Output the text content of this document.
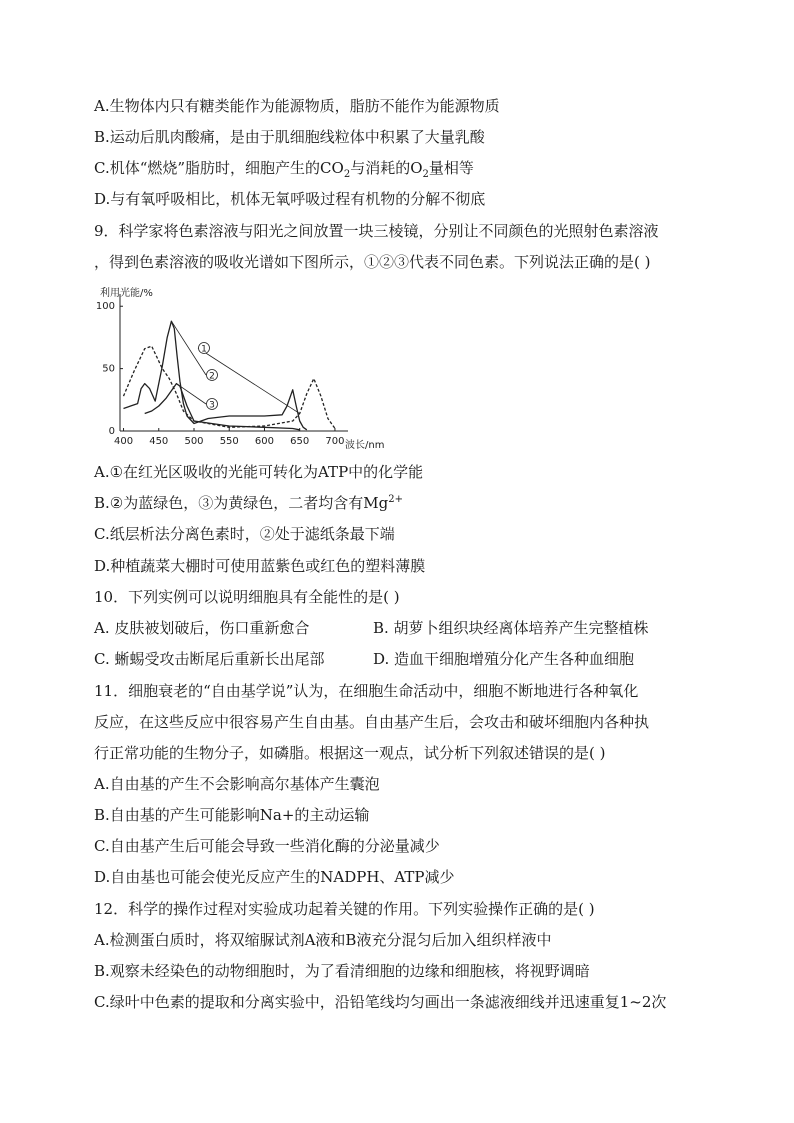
A.生物体内只有糖类能作为能源物质，脂肪不能作为能源物质
B.运动后肌肉酸痛，是由于肌细胞线粒体中积累了大量乳酸
C.机体“燃烧”脂肪时，细胞产生的$CO_2$与消耗的$O_2$量相等
D.与有氧呼吸相比，机体无氧呼吸过程有机物的分解不彻底
9．科学家将色素溶液与阳光之间放置一块三棱镜，分别让不同颜色的光照射色素溶液
，得到色素溶液的吸收光谱如下图所示，①②③代表不同色素。下列说法正确的是( )
利用光能/%
400 450 500 550 600 650 700
0
50
100
1
2
3
波长/nm
A.①在红光区吸收的光能可转化为ATP中的化学能
B.②为蓝绿色，③为黄绿色，二者均含有$Mg^{2+}$
C.纸层析法分离色素时，②处于滤纸条最下端
D.种植蔬菜大棚时可使用蓝紫色或红色的塑料薄膜
10．下列实例可以说明细胞具有全能性的是( )
A. 皮肤被划破后，伤口重新愈合	B. 胡萝卜组织块经离体培养产生完整植株
C. 蜥蜴受攻击断尾后重新长出尾部	D. 造血干细胞增殖分化产生各种血细胞
11．细胞衰老的“自由基学说”认为，在细胞生命活动中，细胞不断地进行各种氧化
反应，在这些反应中很容易产生自由基。自由基产生后，会攻击和破坏细胞内各种执
行正常功能的生物分子，如磷脂。根据这一观点，试分析下列叙述错误的是( )
A.自由基的产生不会影响高尔基体产生囊泡
B.自由基的产生可能影响Na+的主动运输
C.自由基产生后可能会导致一些消化酶的分泌量减少
D.自由基也可能会使光反应产生的NADPH、ATP减少
12．科学的操作过程对实验成功起着关键的作用。下列实验操作正确的是( )
A.检测蛋白质时，将双缩脲试剂A液和B液充分混匀后加入组织样液中
B.观察未经染色的动物细胞时，为了看清细胞的边缘和细胞核，将视野调暗
C.绿叶中色素的提取和分离实验中，沿铅笔线均匀画出一条滤液细线并迅速重复1~2次
